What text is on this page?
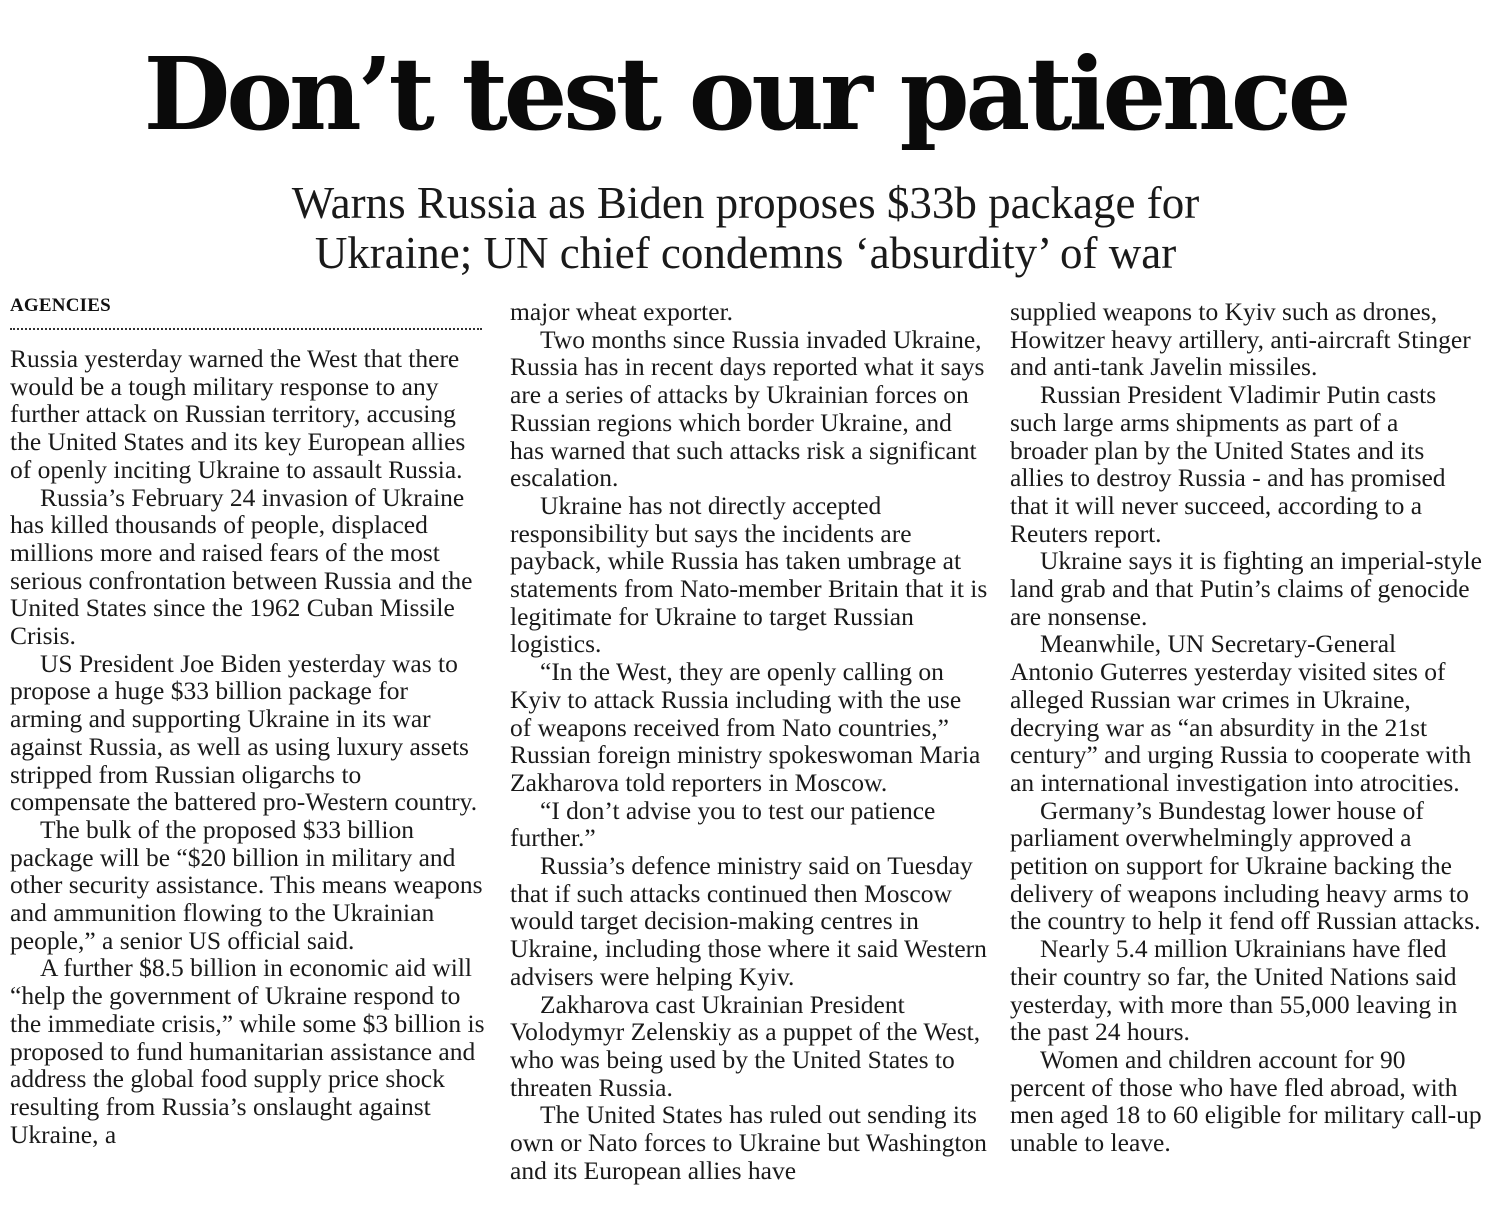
Don’t test our patience
Warns Russia as Biden proposes $33b package for
Ukraine; UN chief condemns ‘absurdity’ of war
AGENCIES

Russia yesterday warned the West that there would be a tough military response to any further attack on Russian territory, accusing the United States and its key European allies of openly inciting Ukraine to assault Russia.

Russia’s February 24 invasion of Ukraine has killed thousands of people, displaced millions more and raised fears of the most serious confrontation between Russia and the United States since the 1962 Cuban Missile Crisis.

US President Joe Biden yesterday was to propose a huge $33 billion package for arming and supporting Ukraine in its war against Russia, as well as using luxury assets stripped from Russian oligarchs to compensate the battered pro-Western country.

The bulk of the proposed $33 billion package will be “$20 billion in military and other security assistance. This means weapons and ammunition flowing to the Ukrainian people,” a senior US official said.

A further $8.5 billion in economic aid will “help the government of Ukraine respond to the immediate crisis,” while some $3 billion is proposed to fund humanitarian assistance and address the global food supply price shock resulting from Russia’s onslaught against Ukraine, a

major wheat exporter.

Two months since Russia invaded Ukraine, Russia has in recent days reported what it says are a series of attacks by Ukrainian forces on Russian regions which border Ukraine, and has warned that such attacks risk a significant escalation.

Ukraine has not directly accepted responsibility but says the incidents are payback, while Russia has taken umbrage at statements from Nato-member Britain that it is legitimate for Ukraine to target Russian logistics.

“In the West, they are openly calling on Kyiv to attack Russia including with the use of weapons received from Nato countries,” Russian foreign ministry spokeswoman Maria Zakharova told reporters in Moscow.

“I don’t advise you to test our patience further.”

Russia’s defence ministry said on Tuesday that if such attacks continued then Moscow would target decision-making centres in Ukraine, including those where it said Western advisers were helping Kyiv.

Zakharova cast Ukrainian President Volodymyr Zelenskiy as a puppet of the West, who was being used by the United States to threaten Russia.

The United States has ruled out sending its own or Nato forces to Ukraine but Washington and its European allies have

supplied weapons to Kyiv such as drones, Howitzer heavy artillery, anti-aircraft Stinger and anti-tank Javelin missiles.

Russian President Vladimir Putin casts such large arms shipments as part of a broader plan by the United States and its allies to destroy Russia - and has promised that it will never succeed, according to a Reuters report.

Ukraine says it is fighting an imperial-style land grab and that Putin’s claims of genocide are nonsense.

Meanwhile, UN Secretary-General Antonio Guterres yesterday visited sites of alleged Russian war crimes in Ukraine, decrying war as “an absurdity in the 21st century” and urging Russia to cooperate with an international investigation into atrocities.

Germany’s Bundestag lower house of parliament overwhelmingly approved a petition on support for Ukraine backing the delivery of weapons including heavy arms to the country to help it fend off Russian attacks.

Nearly 5.4 million Ukrainians have fled their country so far, the United Nations said yesterday, with more than 55,000 leaving in the past 24 hours.

Women and children account for 90 percent of those who have fled abroad, with men aged 18 to 60 eligible for military call-up unable to leave.
